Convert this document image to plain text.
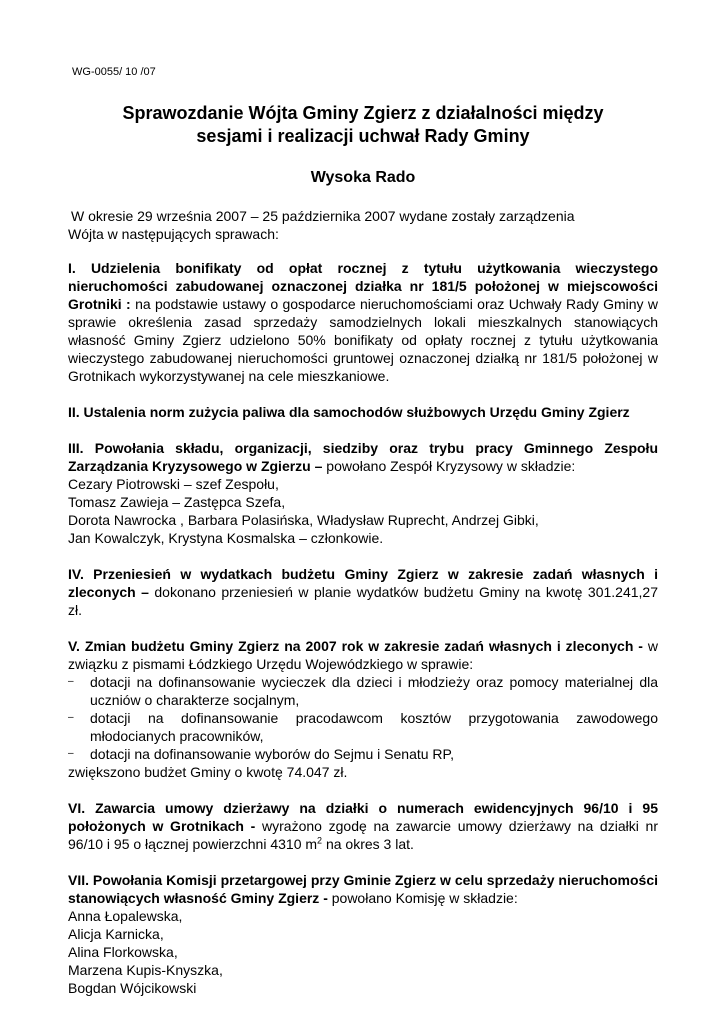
WG-0055/ 10 /07
Sprawozdanie Wójta Gminy Zgierz z działalności między
sesjami i realizacji uchwał Rady Gminy
Wysoka Rado
W okresie 29 września 2007 – 25 października 2007 wydane zostały zarządzenia
Wójta w następujących sprawach:

I. Udzielenia bonifikaty od opłat rocznej z tytułu użytkowania wieczystego nieruchomości zabudowanej oznaczonej działka nr 181/5 położonej w miejscowości Grotniki : na podstawie ustawy o gospodarce nieruchomościami oraz Uchwały Rady Gminy w sprawie określenia zasad sprzedaży samodzielnych lokali mieszkalnych stanowiących własność Gminy Zgierz udzielono 50% bonifikaty od opłaty rocznej z tytułu użytkowania wieczystego zabudowanej nieruchomości gruntowej oznaczonej działką nr 181/5 położonej w Grotnikach wykorzystywanej na cele mieszkaniowe.

II. Ustalenia norm zużycia paliwa dla samochodów służbowych Urzędu Gminy Zgierz

III. Powołania składu, organizacji, siedziby oraz trybu pracy Gminnego Zespołu Zarządzania Kryzysowego w Zgierzu – powołano Zespół Kryzysowy w składzie:

Cezary Piotrowski – szef Zespołu,
Tomasz Zawieja – Zastępca Szefa,
Dorota Nawrocka , Barbara Polasińska, Władysław Ruprecht, Andrzej Gibki,
Jan Kowalczyk, Krystyna Kosmalska – członkowie.

IV. Przeniesień w wydatkach budżetu Gminy Zgierz w zakresie zadań własnych i zleconych – dokonano przeniesień w planie wydatków budżetu Gminy na kwotę 301.241,27 zł.

V. Zmian budżetu Gminy Zgierz na 2007 rok w zakresie zadań własnych i zleconych - w związku z pismami Łódzkiego Urzędu Wojewódzkiego w sprawie:

– dotacji na dofinansowanie wycieczek dla dzieci i młodzieży oraz pomocy materialnej dla uczniów o charakterze socjalnym,
– dotacji na dofinansowanie pracodawcom kosztów przygotowania zawodowego młodocianych pracowników,
– dotacji na dofinansowanie wyborów do Sejmu i Senatu RP,
zwiększono budżet Gminy o kwotę 74.047 zł.

VI. Zawarcia umowy dzierżawy na działki o numerach ewidencyjnych 96/10 i 95 położonych w Grotnikach - wyrażono zgodę na zawarcie umowy dzierżawy na działki nr 96/10 i 95 o łącznej powierzchni 4310 $m^2$ na okres 3 lat.

VII. Powołania Komisji przetargowej przy Gminie Zgierz w celu sprzedaży nieruchomości stanowiących własność Gminy Zgierz - powołano Komisję w składzie:

Anna Łopalewska,
Alicja Karnicka,
Alina Florkowska,
Marzena Kupis-Knyszka,
Bogdan Wójcikowski
